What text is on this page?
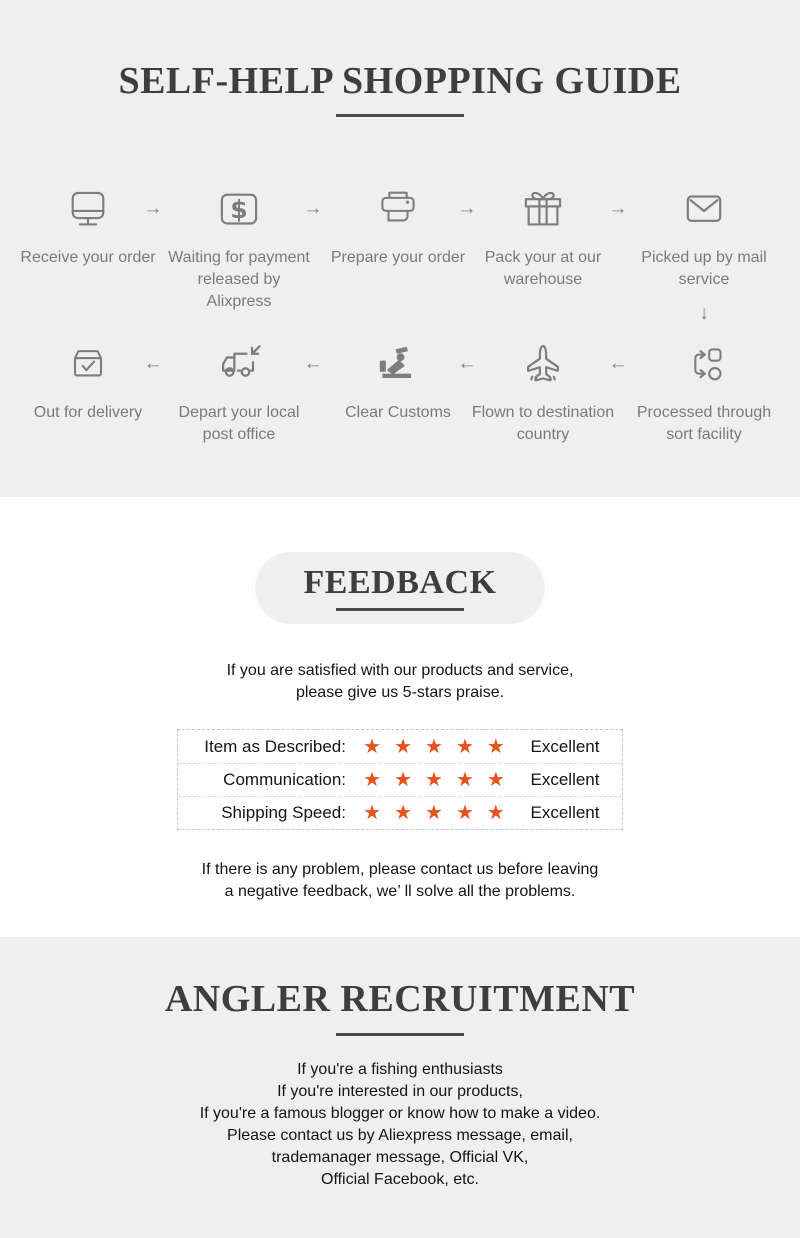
SELF-HELP SHOPPING GUIDE
Receive your order
→ $
Waiting for payment released by Alixpress
→
Prepare your order
→
Pack your at our warehouse
→
Picked up by mail service
↓
Out for delivery
←
Depart your local post office
←
Clear Customs
←
Flown to destination country
←
Processed through sort facility
FEEDBACK
If you are satisfied with our products and service,
please give us 5-stars praise.
Item as Described: ★ ★ ★ ★ ★	Excellent
Communication: ★ ★ ★ ★ ★	Excellent
Shipping Speed: ★ ★ ★ ★ ★	Excellent
If there is any problem, please contact us before leaving
a negative feedback, we’ ll solve all the problems.
ANGLER RECRUITMENT
If you're a fishing enthusiasts
If you're interested in our products,
If you're a famous blogger or know how to make a video.
Please contact us by Aliexpress message, email,
trademanager message, Official VK,
Official Facebook, etc.
